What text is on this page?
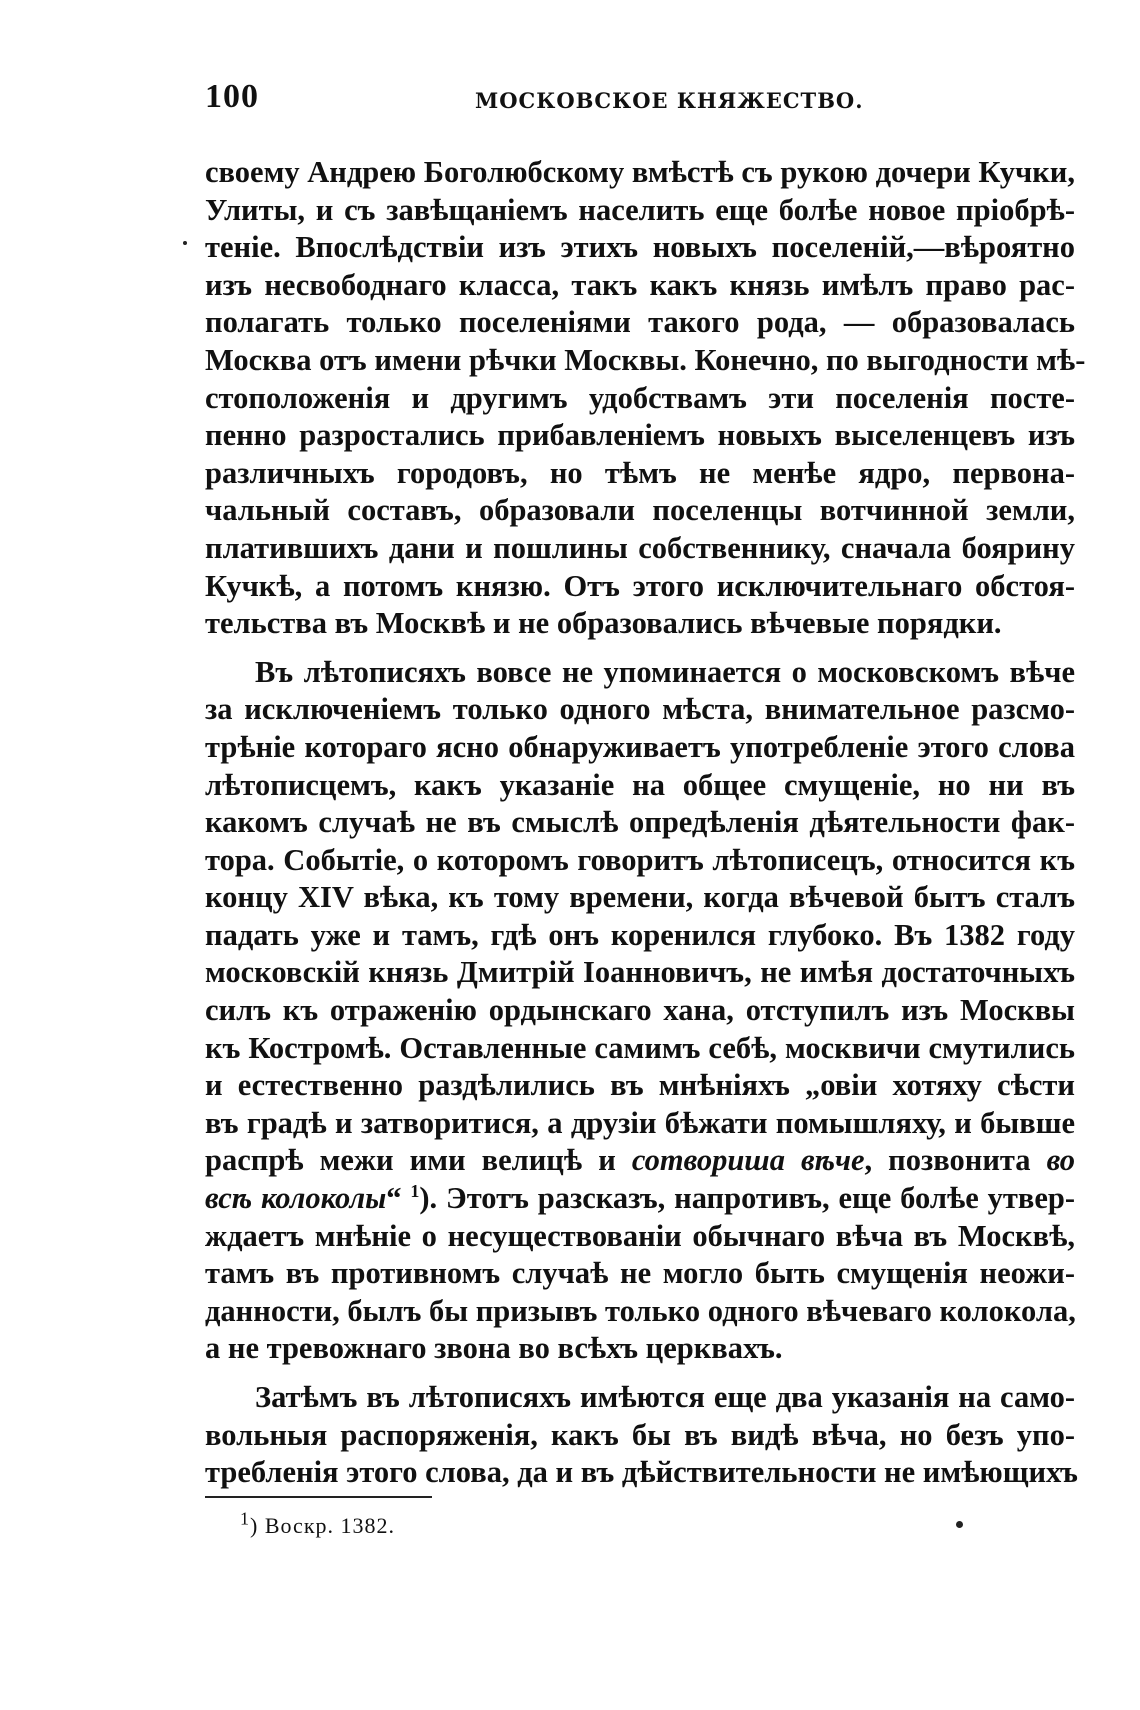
100	МОСКОВСКОЕ КНЯЖЕСТВО.
своему Андрею Боголюбскому вмѣстѣ съ рукою дочери Кучки,
Улиты, и съ завѣщаніемъ населить еще болѣе новое пріобрѣ-
теніе. Впослѣдствіи изъ этихъ новыхъ поселеній,—вѣроятно
изъ несвободнаго класса, такъ какъ князь имѣлъ право рас-
полагать только поселеніями такого рода, — образовалась
Москва отъ имени рѣчки Москвы. Конечно, по выгодности мѣ-
стоположенія и другимъ удобствамъ эти поселенія посте-
пенно разростались прибавленіемъ новыхъ выселенцевъ изъ
различныхъ городовъ, но тѣмъ не менѣе ядро, первона-
чальный составъ, образовали поселенцы вотчинной земли,
платившихъ дани и пошлины собственнику, сначала боярину
Кучкѣ, а потомъ князю. Отъ этого исключительнаго обстоя-
тельства въ Москвѣ и не образовались вѣчевые порядки.
Въ лѣтописяхъ вовсе не упоминается о московскомъ вѣче
за исключеніемъ только одного мѣста, внимательное разсмо-
трѣніе котораго ясно обнаруживаетъ употребленіе этого слова
лѣтописцемъ, какъ указаніе на общее смущеніе, но ни въ
какомъ случаѣ не въ смыслѣ опредѣленія дѣятельности фак-
тора. Событіе, о которомъ говоритъ лѣтописецъ, относится къ
концу XIV вѣка, къ тому времени, когда вѣчевой бытъ сталъ
падать уже и тамъ, гдѣ онъ коренился глубоко. Въ 1382 году
московскій князь Дмитрій Іоанновичъ, не имѣя достаточныхъ
силъ къ отраженію ордынскаго хана, отступилъ изъ Москвы
къ Костромѣ. Оставленные самимъ себѣ, москвичи смутились
и естественно раздѣлились въ мнѣніяхъ „овіи хотяху сѣсти
въ градѣ и затворитися, а друзіи бѣжати помышляху, и бывше
распрѣ межи ими велицѣ и сотвориша вѣче, позвонита во
всѣ колоколы“ $^1$). Этотъ разсказъ, напротивъ, еще болѣе утвер-
ждаетъ мнѣніе о несуществованіи обычнаго вѣча въ Москвѣ,
тамъ въ противномъ случаѣ не могло быть смущенія неожи-
данности, былъ бы призывъ только одного вѣчеваго колокола,
а не тревожнаго звона во всѣхъ церквахъ.
Затѣмъ въ лѣтописяхъ имѣются еще два указанія на само-
вольныя распоряженія, какъ бы въ видѣ вѣча, но безъ упо-
требленія этого слова, да и въ дѣйствительности не имѣющихъ
$^1$) Воскр. 1382.
